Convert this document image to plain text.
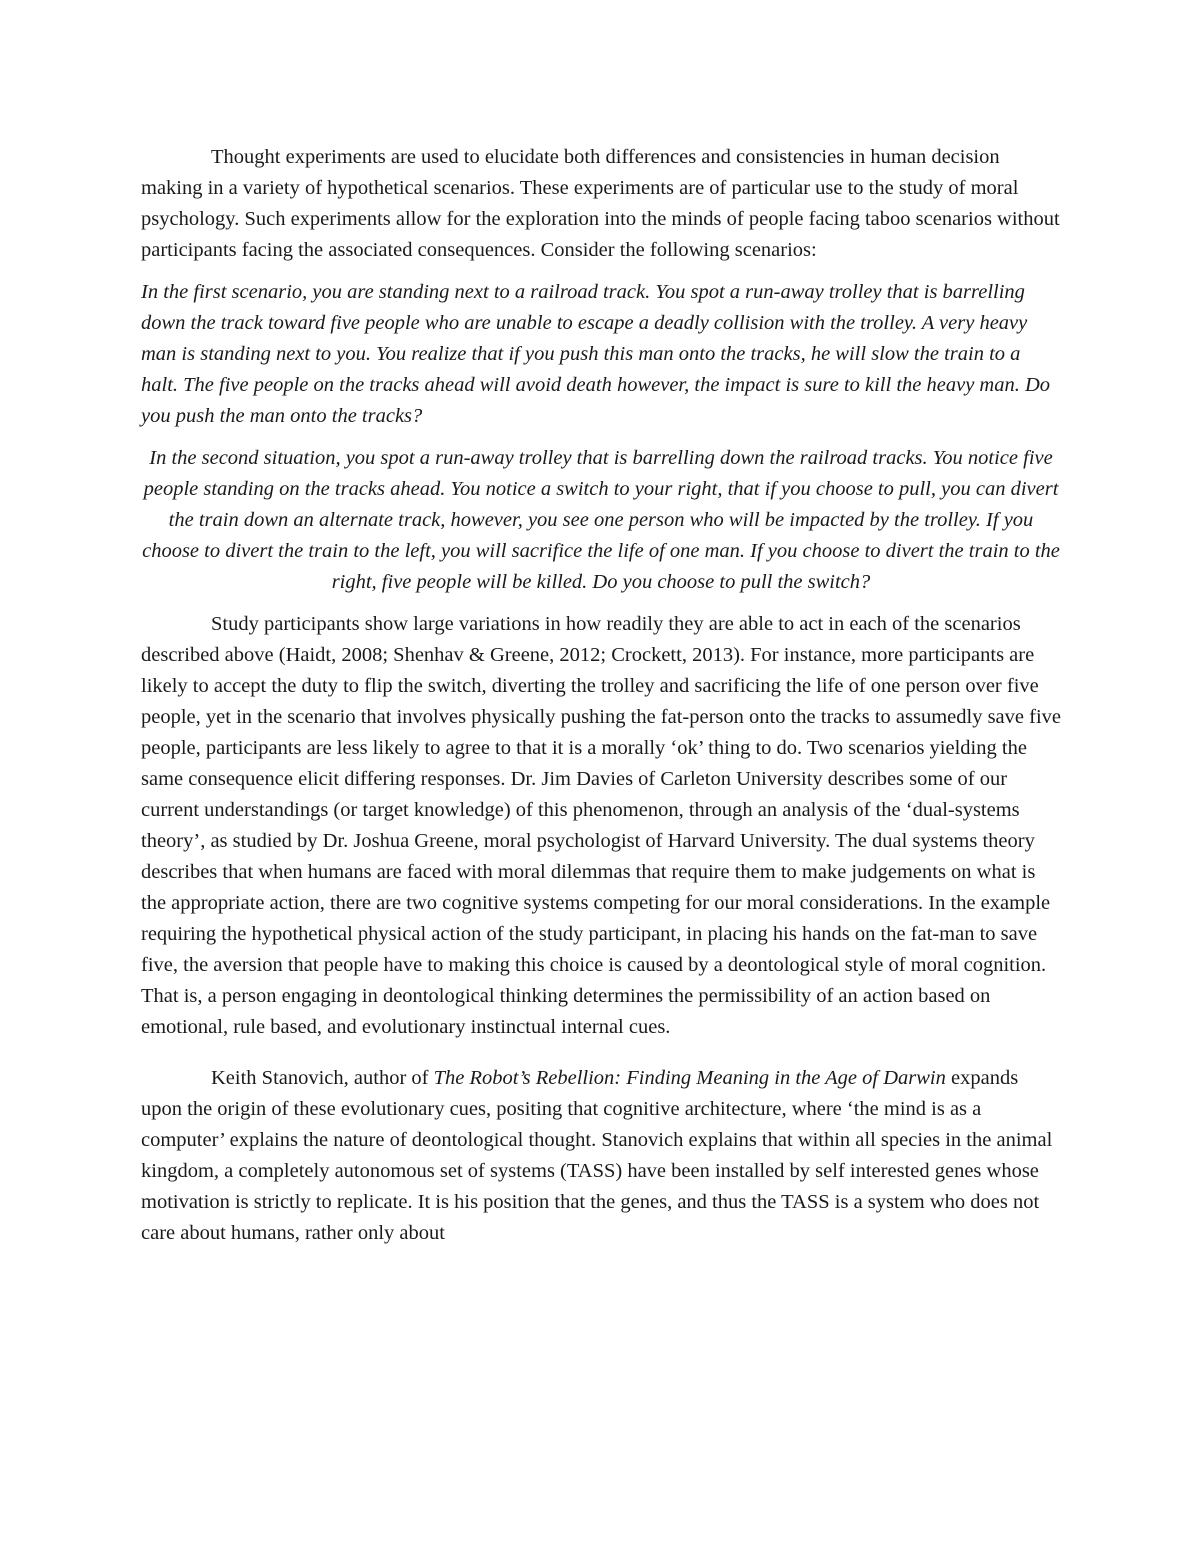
Thought experiments are used to elucidate both differences and consistencies in human decision making in a variety of hypothetical scenarios. These experiments are of particular use to the study of moral psychology. Such experiments allow for the exploration into the minds of people facing taboo scenarios without participants facing the associated consequences. Consider the following scenarios:

In the first scenario, you are standing next to a railroad track. You spot a run-away trolley that is barrelling down the track toward five people who are unable to escape a deadly collision with the trolley. A very heavy man is standing next to you. You realize that if you push this man onto the tracks, he will slow the train to a halt. The five people on the tracks ahead will avoid death however, the impact is sure to kill the heavy man. Do you push the man onto the tracks?

In the second situation, you spot a run-away trolley that is barrelling down the railroad tracks. You notice five people standing on the tracks ahead. You notice a switch to your right, that if you choose to pull, you can divert the train down an alternate track, however, you see one person who will be impacted by the trolley. If you choose to divert the train to the left, you will sacrifice the life of one man. If you choose to divert the train to the right, five people will be killed. Do you choose to pull the switch?

Study participants show large variations in how readily they are able to act in each of the scenarios described above (Haidt, 2008; Shenhav & Greene, 2012; Crockett, 2013). For instance, more participants are likely to accept the duty to flip the switch, diverting the trolley and sacrificing the life of one person over five people, yet in the scenario that involves physically pushing the fat-person onto the tracks to assumedly save five people, participants are less likely to agree to that it is a morally ‘ok’ thing to do. Two scenarios yielding the same consequence elicit differing responses. Dr. Jim Davies of Carleton University describes some of our current understandings (or target knowledge) of this phenomenon, through an analysis of the ‘dual-systems theory’, as studied by Dr. Joshua Greene, moral psychologist of Harvard University. The dual systems theory describes that when humans are faced with moral dilemmas that require them to make judgements on what is the appropriate action, there are two cognitive systems competing for our moral considerations. In the example requiring the hypothetical physical action of the study participant, in placing his hands on the fat-man to save five, the aversion that people have to making this choice is caused by a deontological style of moral cognition. That is, a person engaging in deontological thinking determines the permissibility of an action based on emotional, rule based, and evolutionary instinctual internal cues.

Keith Stanovich, author of The Robot’s Rebellion: Finding Meaning in the Age of Darwin expands upon the origin of these evolutionary cues, positing that cognitive architecture, where ‘the mind is as a computer’ explains the nature of deontological thought. Stanovich explains that within all species in the animal kingdom, a completely autonomous set of systems (TASS) have been installed by self interested genes whose motivation is strictly to replicate. It is his position that the genes, and thus the TASS is a system who does not care about humans, rather only about
